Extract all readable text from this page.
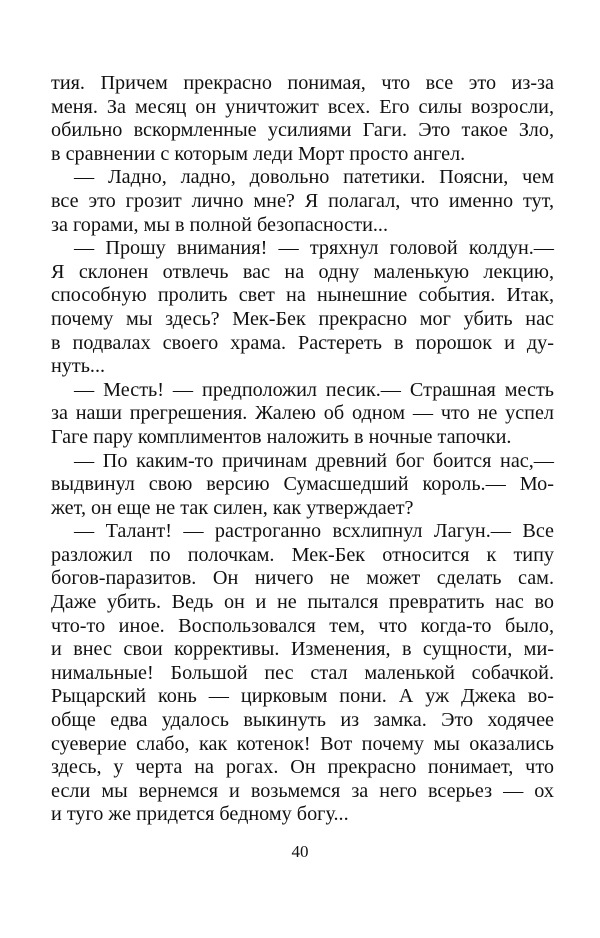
тия. Причем прекрасно понимая, что все это из-за
меня. За месяц он уничтожит всех. Его силы возросли,
обильно вскормленные усилиями Гаги. Это такое Зло,
в сравнении с которым леди Морт просто ангел.
— Ладно, ладно, довольно патетики. Поясни, чем
все это грозит лично мне? Я полагал, что именно тут,
за горами, мы в полной безопасности...
— Прошу внимания! — тряхнул головой колдун.—
Я склонен отвлечь вас на одну маленькую лекцию,
способную пролить свет на нынешние события. Итак,
почему мы здесь? Мек-Бек прекрасно мог убить нас
в подвалах своего храма. Растереть в порошок и ду-
нуть...
— Месть! — предположил песик.— Страшная месть
за наши прегрешения. Жалею об одном — что не успел
Гаге пару комплиментов наложить в ночные тапочки.
— По каким-то причинам древний бог боится нас,—
выдвинул свою версию Сумасшедший король.— Мо-
жет, он еще не так силен, как утверждает?
— Талант! — растроганно всхлипнул Лагун.— Все
разложил по полочкам. Мек-Бек относится к типу
богов-паразитов. Он ничего не может сделать сам.
Даже убить. Ведь он и не пытался превратить нас во
что-то иное. Воспользовался тем, что когда-то было,
и внес свои коррективы. Изменения, в сущности, ми-
нимальные! Большой пес стал маленькой собачкой.
Рыцарский конь — цирковым пони. А уж Джека во-
обще едва удалось выкинуть из замка. Это ходячее
суеверие слабо, как котенок! Вот почему мы оказались
здесь, у черта на рогах. Он прекрасно понимает, что
если мы вернемся и возьмемся за него всерьез — ох
и туго же придется бедному богу...
40
